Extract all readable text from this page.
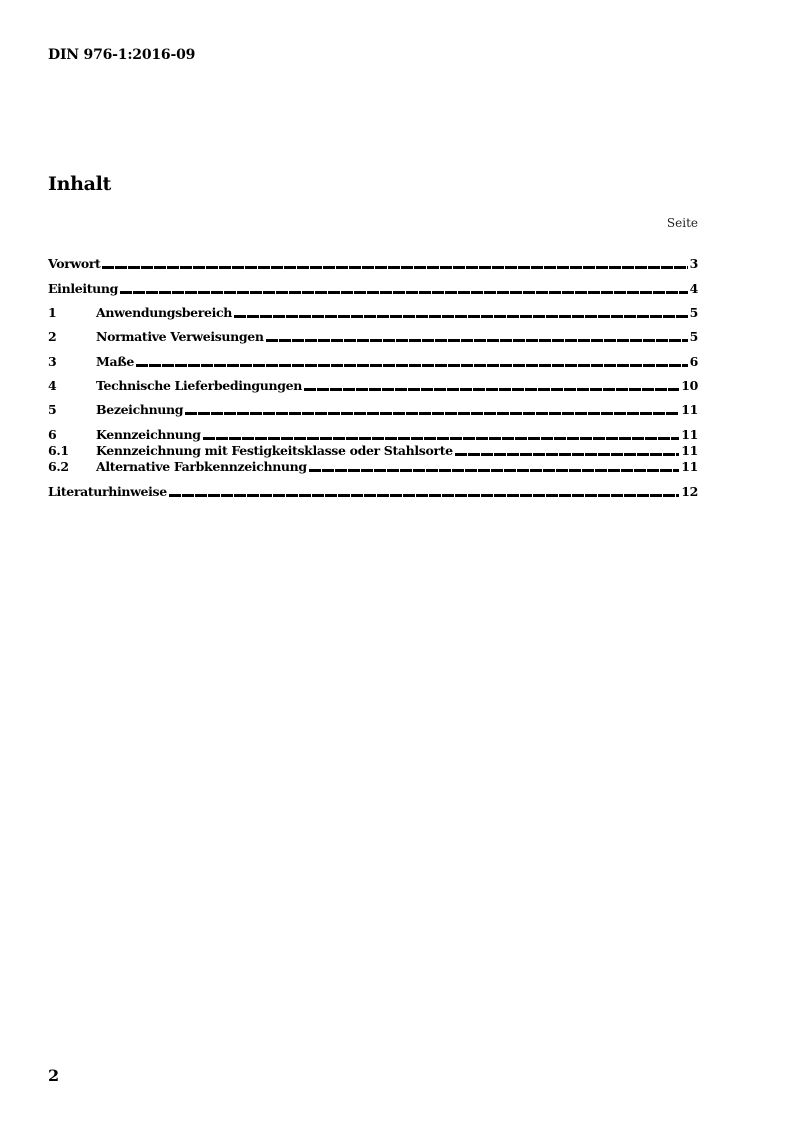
DIN 976-1:2016-09
Inhalt
Seite
Vorwort	3
Einleitung	4
1	Anwendungsbereich	5
2	Normative Verweisungen	5
3	Maße	6
4	Technische Lieferbedingungen	10
5	Bezeichnung	11
6	Kennzeichnung	11
6.1	Kennzeichnung mit Festigkeitsklasse oder Stahlsorte	11
6.2	Alternative Farbkennzeichnung	11
Literaturhinweise	12
2
